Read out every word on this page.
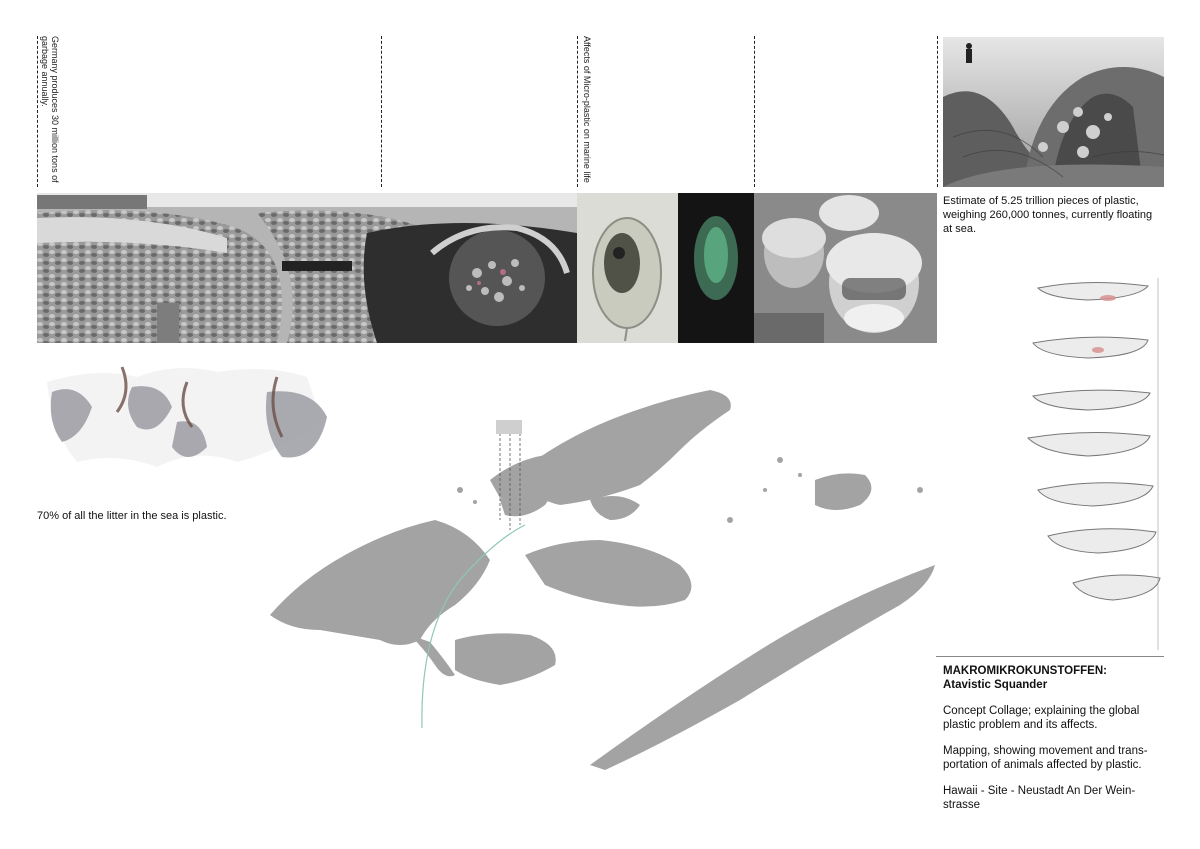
Germany produces 30 million tons of garbage annually.	Affects of Micro-plastic on marine life
Estimate of 5.25 trillion pieces of plastic, weighing 260,000 tonnes, currently floating at sea.
70% of all the litter in the sea is plastic.

MAKROMIKROKUNSTOFFEN:

Atavistic Squander

Concept Collage; explaining the global plastic problem and its affects.

Mapping, showing movement and trans-portation of animals affected by plastic.

Hawaii - Site - Neustadt An Der Wein-strasse
